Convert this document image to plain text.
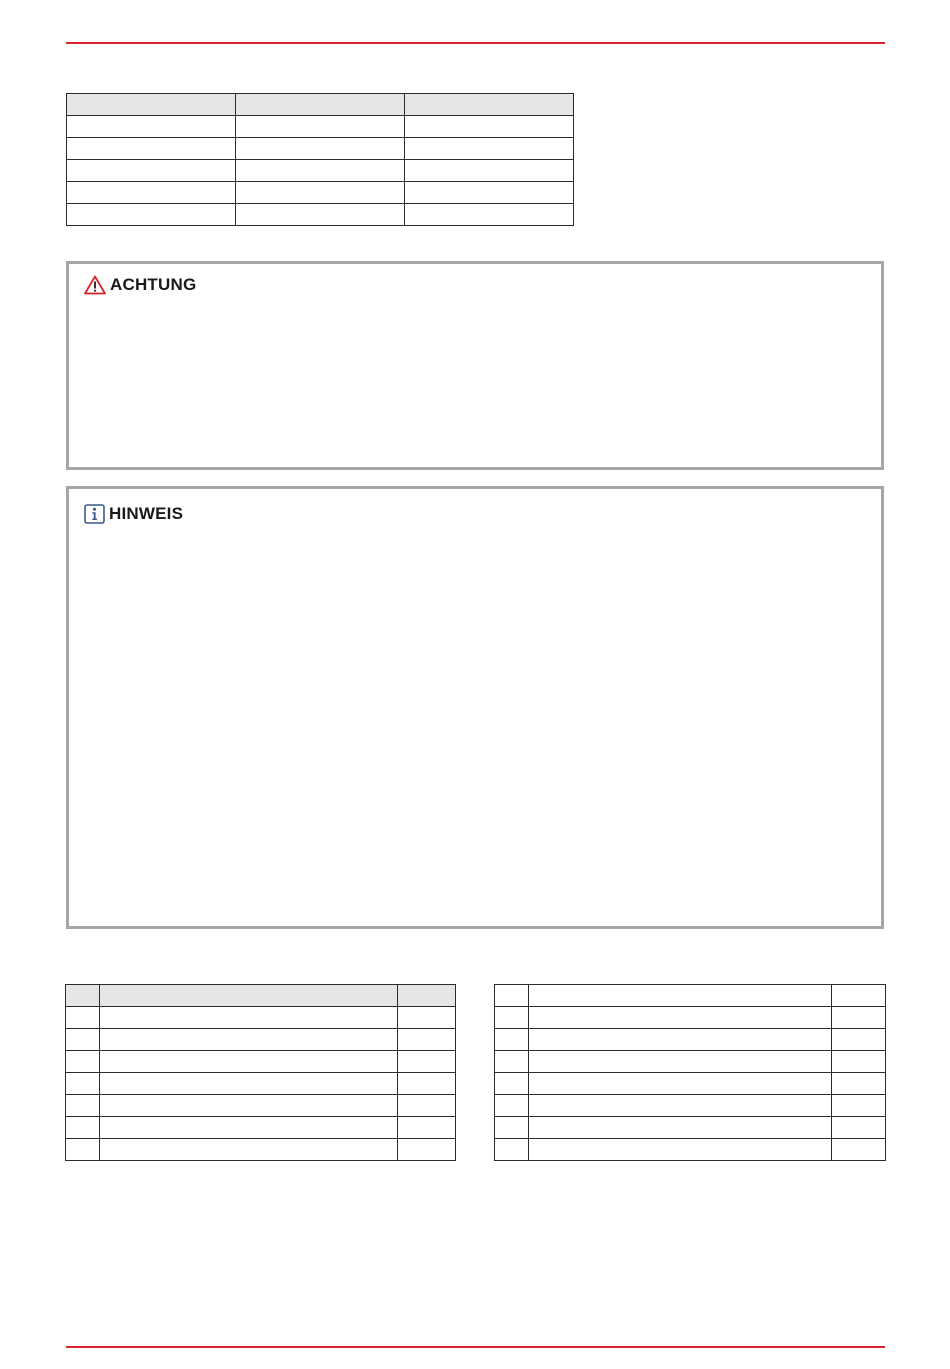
ACHTUNG
HINWEIS
